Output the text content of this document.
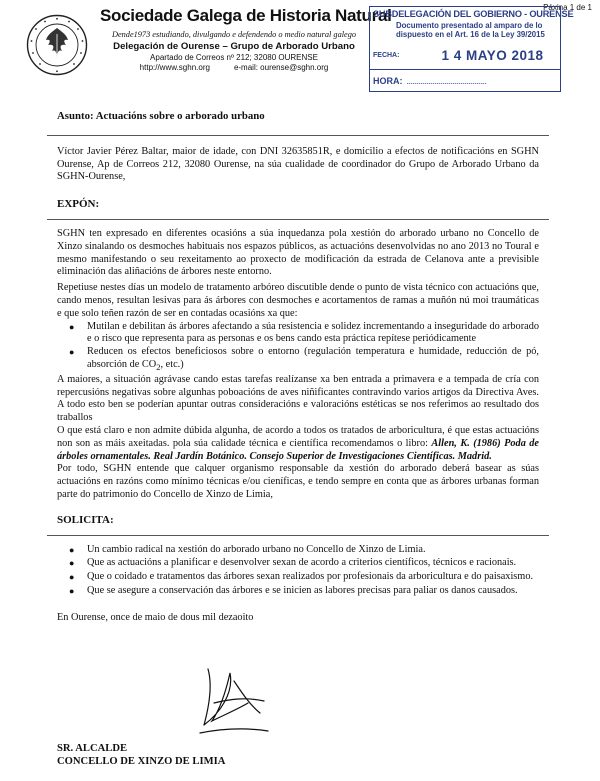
Páxina 1 de 1
Sociedade Galega de Historia Natural
Dende1973 estudiando, divulgando e defendendo o medio natural galego
Delegación de Ourense – Grupo de Arborado Urbano
Apartado de Correos nº 212; 32080 OURENSE
http://www.sghn.org	e-mail: ourense@sghn.org
SUBDELEGACIÓN DEL GOBIERNO - OURENSE
Documento presentado al amparo de lo dispuesto en el Art. 16 de la Ley 39/2015
FECHA:	1 4 MAYO 2018
HORA: ........................................
Asunto: Actuacións sobre o arborado urbano

Víctor Javier Pérez Baltar, maior de idade, con DNI 32635851R, e domicilio a efectos de notificacións en SGHN Ourense, Ap de Correos 212, 32080 Ourense, na súa cualidade de coordinador do Grupo de Arborado Urbano da SGHN-Ourense,

EXPÓN:

SGHN ten expresado en diferentes ocasións a súa inquedanza pola xestión do arborado urbano no Concello de Xinzo sinalando os desmoches habituais nos espazos públicos, as actuacións desenvolvidas no ano 2013 no Toural e mesmo manifestando o seu rexeitamento ao proxecto de modificación da estrada de Celanova ante a previsible eliminación das aliñacións de árbores neste entorno.

Repetiuse nestes días un modelo de tratamento arbóreo discutible dende o punto de vista técnico con actuacións que, cando menos, resultan lesivas para ás árbores con desmoches e acortamentos de ramas a muñón nú moi traumáticas e que solo teñen razón de ser en contadas ocasións xa que:

● Mutilan e debilitan ás árbores afectando a súa resistencia e solidez incrementando a inseguridade do arborado e o risco que representa para as personas e os bens cando esta práctica repítese periódicamente
● Reducen os efectos beneficiosos sobre o entorno (regulación temperatura e humidade, reducción de pó, absorción de $CO_2$, etc.)

A maiores, a situación agrávase cando estas tarefas realízanse xa ben entrada a primavera e a tempada de cría con repercusións negativas sobre algunhas poboacións de aves niñificantes contravindo varios artigos da Directiva Aves. A todo esto ben se poderían apuntar outras consideracións e valoracións estéticas se nos referimos ao resultado dos traballos

O que está claro e non admite dúbida algunha, de acordo a todos os tratados de arboricultura, é que estas actuacións non son as máis axeitadas. pola súa calidade técnica e científica recomendamos o libro: Allen, K. (1986) Poda de árboles ornamentales. Real Jardín Botánico. Consejo Superior de Investigaciones Científicas. Madrid.

Por todo, SGHN entende que calquer organismo responsable da xestión do arborado deberá basear as súas actuacións en razóns como mínimo técnicas e/ou cieníficas, e tendo sempre en conta que as árbores urbanas forman parte do patrimonio do Concello de Xinzo de Limia,

SOLICITA:
● Un cambio radical na xestión do arborado urbano no Concello de Xinzo de Limia.
● Que as actuacións a planificar e desenvolver sexan de acordo a criterios científicos, técnicos e racionais.
● Que o coidado e tratamentos das árbores sexan realizados por profesionais da arboricultura e do paisaxismo.
● Que se asegure a conservación das árbores e se inicien as labores precisas para paliar os danos causados.

En Ourense, once de maio de dous mil dezaoito

SR. ALCALDE
CONCELLO DE XINZO DE LIMIA
